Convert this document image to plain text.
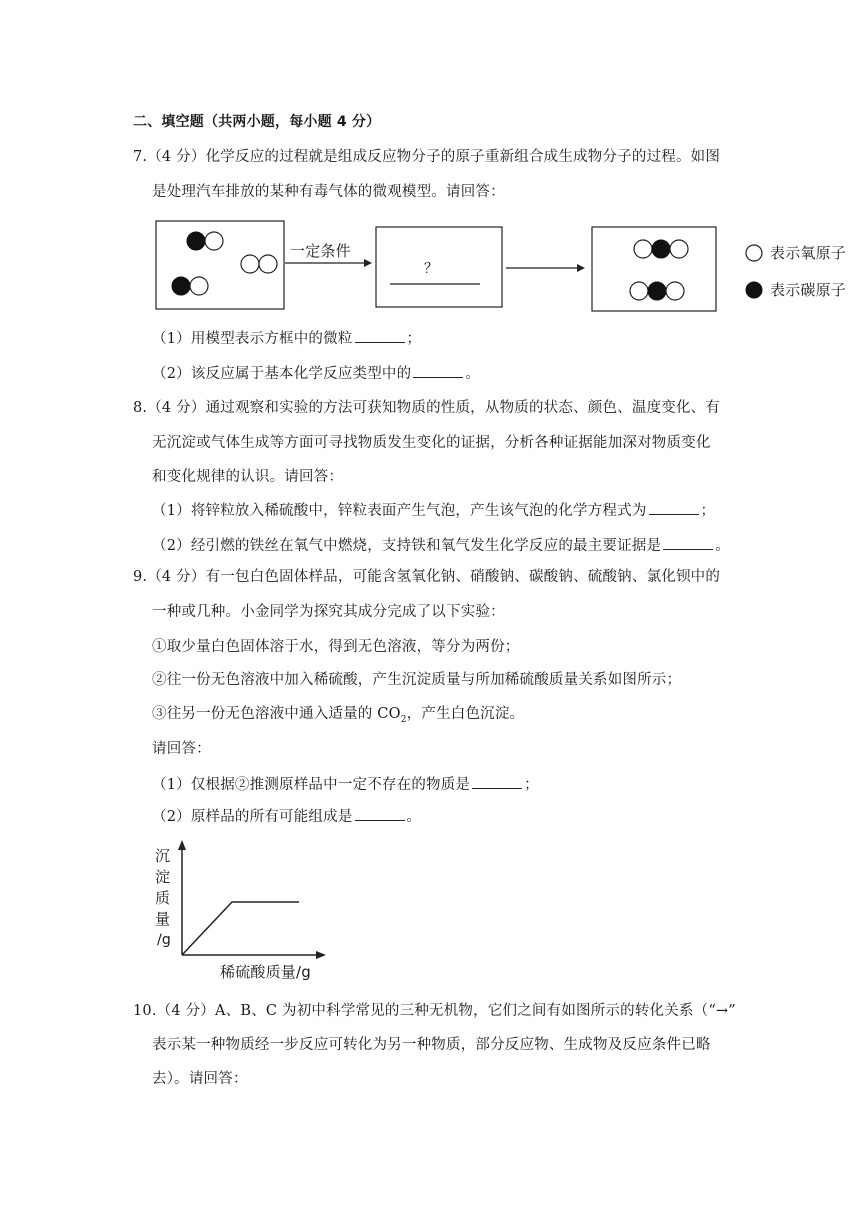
二、填空题（共两小题，每小题 4 分）
7.（4 分）化学反应的过程就是组成反应物分子的原子重新组合成生成物分子的过程。如图
是处理汽车排放的某种有毒气体的微观模型。请回答：
一定条件
？
表示氧原子
表示碳原子
（1）用模型表示方框中的微粒	；
（2）该反应属于基本化学反应类型中的	。
8.（4 分）通过观察和实验的方法可获知物质的性质，从物质的状态、颜色、温度变化、有
无沉淀或气体生成等方面可寻找物质发生变化的证据，分析各种证据能加深对物质变化
和变化规律的认识。请回答：
（1）将锌粒放入稀硫酸中，锌粒表面产生气泡，产生该气泡的化学方程式为	；
（2）经引燃的铁丝在氧气中燃烧，支持铁和氧气发生化学反应的最主要证据是	。
9.（4 分）有一包白色固体样品，可能含氢氧化钠、硝酸钠、碳酸钠、硫酸钠、氯化钡中的
一种或几种。小金同学为探究其成分完成了以下实验：
①取少量白色固体溶于水，得到无色溶液，等分为两份；
②往一份无色溶液中加入稀硫酸，产生沉淀质量与所加稀硫酸质量关系如图所示；
③往另一份无色溶液中通入适量的 $CO_2$，产生白色沉淀。
请回答：
（1）仅根据②推测原样品中一定不存在的物质是	；
（2）原样品的所有可能组成是	。
沉
淀
质
量
/g
稀硫酸质量/g
10.（4 分）A、B、C 为初中科学常见的三种无机物，它们之间有如图所示的转化关系（“→”
表示某一种物质经一步反应可转化为另一种物质，部分反应物、生成物及反应条件已略
去）。请回答：
